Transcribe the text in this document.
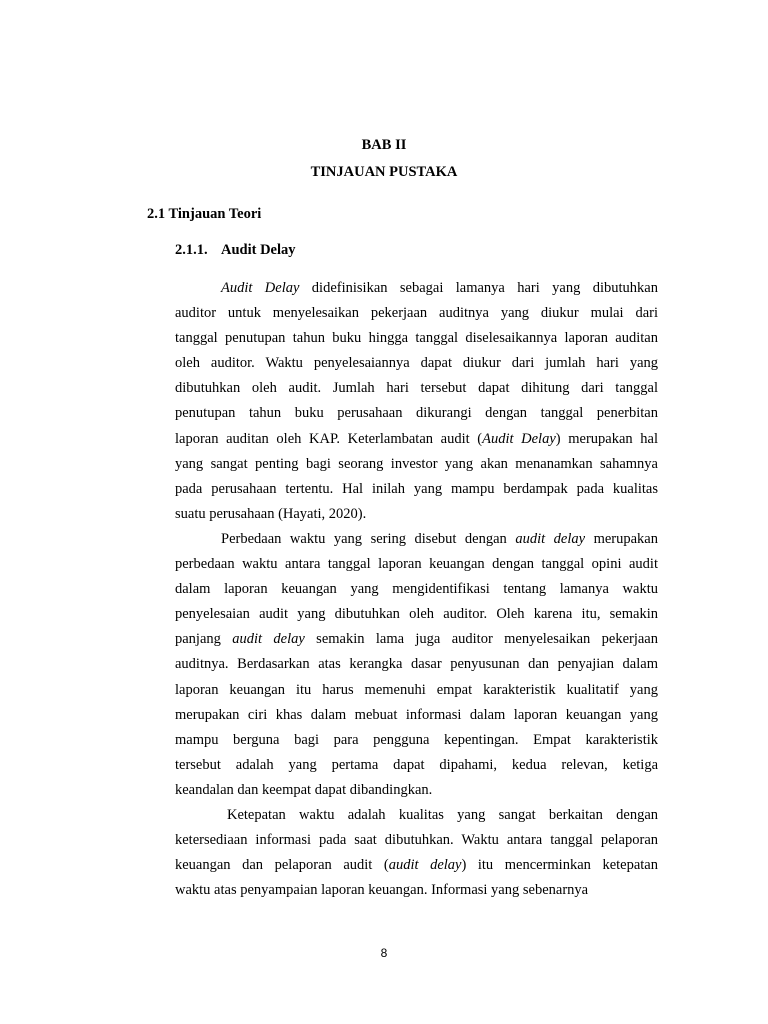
BAB II
TINJAUAN PUSTAKA
2.1 Tinjauan Teori
2.1.1. Audit Delay
Audit Delay didefinisikan sebagai lamanya hari yang dibutuhkan
auditor untuk menyelesaikan pekerjaan auditnya yang diukur mulai dari
tanggal penutupan tahun buku hingga tanggal diselesaikannya laporan auditan
oleh auditor. Waktu penyelesaiannya dapat diukur dari jumlah hari yang
dibutuhkan oleh audit. Jumlah hari tersebut dapat dihitung dari tanggal
penutupan tahun buku perusahaan dikurangi dengan tanggal penerbitan
laporan auditan oleh KAP. Keterlambatan audit (Audit Delay) merupakan hal
yang sangat penting bagi seorang investor yang akan menanamkan sahamnya
pada perusahaan tertentu. Hal inilah yang mampu berdampak pada kualitas
suatu perusahaan (Hayati, 2020).
Perbedaan waktu yang sering disebut dengan audit delay merupakan
perbedaan waktu antara tanggal laporan keuangan dengan tanggal opini audit
dalam laporan keuangan yang mengidentifikasi tentang lamanya waktu
penyelesaian audit yang dibutuhkan oleh auditor. Oleh karena itu, semakin
panjang audit delay semakin lama juga auditor menyelesaikan pekerjaan
auditnya. Berdasarkan atas kerangka dasar penyusunan dan penyajian dalam
laporan keuangan itu harus memenuhi empat karakteristik kualitatif yang
merupakan ciri khas dalam mebuat informasi dalam laporan keuangan yang
mampu berguna bagi para pengguna kepentingan. Empat karakteristik
tersebut adalah yang pertama dapat dipahami, kedua relevan, ketiga
keandalan dan keempat dapat dibandingkan.
Ketepatan waktu adalah kualitas yang sangat berkaitan dengan
ketersediaan informasi pada saat dibutuhkan. Waktu antara tanggal pelaporan
keuangan dan pelaporan audit (audit delay) itu mencerminkan ketepatan
waktu atas penyampaian laporan keuangan. Informasi yang sebenarnya
8
